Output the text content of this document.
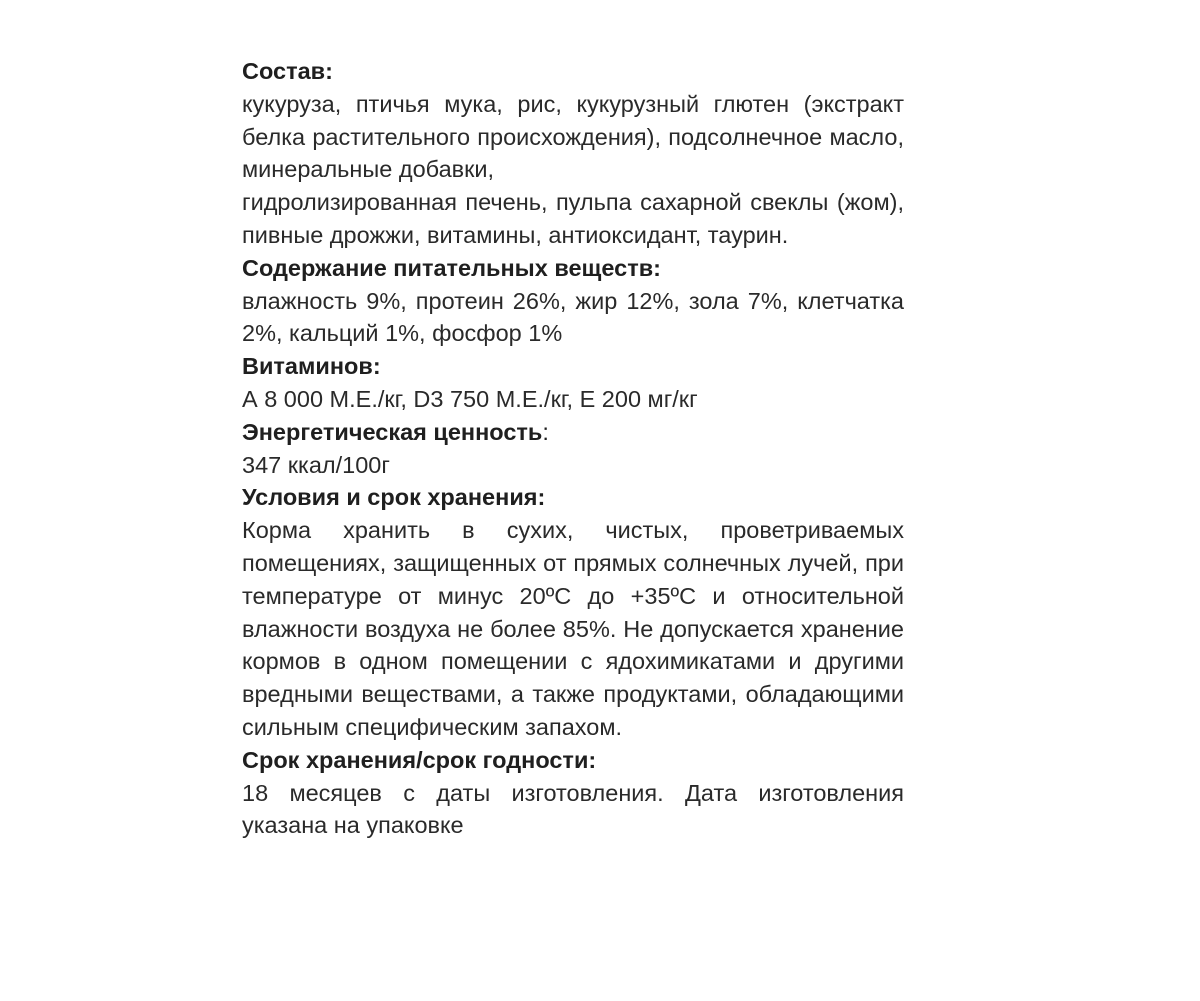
Состав:
кукуруза, птичья мука, рис, кукурузный глютен (экстракт белка растительного происхождения), подсолнечное масло, минеральные добавки,
гидролизированная печень, пульпа сахарной свеклы (жом), пивные дрожжи, витамины, антиоксидант, таурин.
Содержание питательных веществ:
влажность 9%, протеин 26%, жир 12%, зола 7%, клетчатка 2%, кальций 1%, фосфор 1%
Витаминов:
А 8 000 М.Е./кг, D3 750 М.Е./кг, Е 200 мг/кг
Энергетическая ценность:
347 ккал/100г
Условия и срок хранения:
Корма хранить в сухих, чистых, проветриваемых помещениях, защищенных от прямых солнечных лучей, при температуре от минус 20ºС до +35ºС и относительной влажности воздуха не более 85%. Не допускается хранение кормов в одном помещении с ядохимикатами и другими вредными веществами, а также продуктами, обладающими сильным специфическим запахом.
Срок хранения/срок годности:
18 месяцев с даты изготовления. Дата изготовления указана на упаковке
